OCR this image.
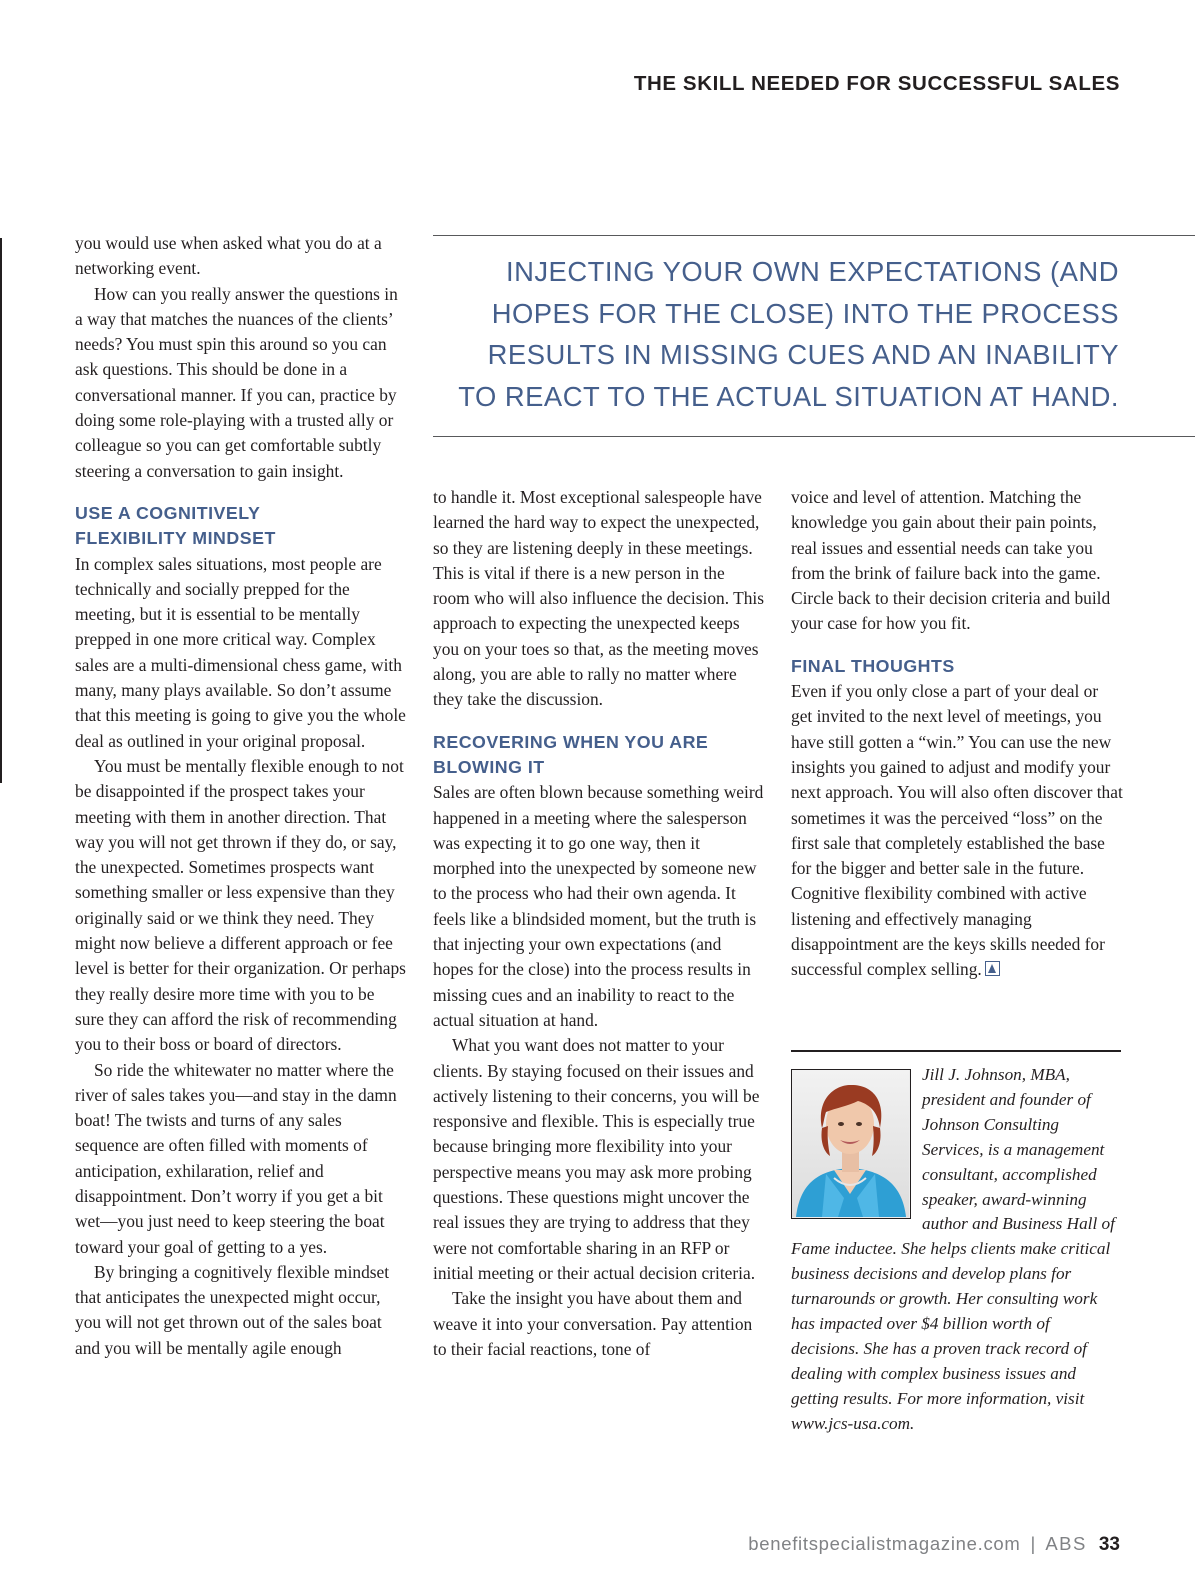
THE SKILL NEEDED FOR SUCCESSFUL SALES

you would use when asked what you do at a networking event.

How can you really answer the questions in a way that matches the nuances of the clients’ needs? You must spin this around so you can ask questions. This should be done in a conversational manner. If you can, practice by doing some role-playing with a trusted ally or colleague so you can get comfortable subtly steering a conversation to gain insight.

USE A COGNITIVELY
FLEXIBILITY MINDSET

In complex sales situations, most people are technically and socially prepped for the meeting, but it is essential to be mentally prepped in one more critical way. Complex sales are a multi-dimensional chess game, with many, many plays available. So don’t assume that this meeting is going to give you the whole deal as outlined in your original proposal.

You must be mentally flexible enough to not be disappointed if the prospect takes your meeting with them in another direction. That way you will not get thrown if they do, or say, the unexpected. Sometimes prospects want something smaller or less expensive than they originally said or we think they need. They might now believe a different approach or fee level is better for their organization. Or perhaps they really desire more time with you to be sure they can afford the risk of recommending you to their boss or board of directors.

So ride the whitewater no matter where the river of sales takes you—and stay in the damn boat! The twists and turns of any sales sequence are often filled with moments of anticipation, exhilaration, relief and disappointment. Don’t worry if you get a bit wet—you just need to keep steering the boat toward your goal of getting to a yes.

By bringing a cognitively flexible mindset that anticipates the unexpected might occur, you will not get thrown out of the sales boat and you will be mentally agile enough

INJECTING YOUR OWN EXPECTATIONS (AND
HOPES FOR THE CLOSE) INTO THE PROCESS
RESULTS IN MISSING CUES AND AN INABILITY
TO REACT TO THE ACTUAL SITUATION AT HAND.

to handle it. Most exceptional salespeople have learned the hard way to expect the unexpected, so they are listening deeply in these meetings. This is vital if there is a new person in the room who will also influence the decision. This approach to expecting the unexpected keeps you on your toes so that, as the meeting moves along, you are able to rally no matter where they take the discussion.

RECOVERING WHEN YOU ARE
BLOWING IT

Sales are often blown because something weird happened in a meeting where the salesperson was expecting it to go one way, then it morphed into the unexpected by someone new to the process who had their own agenda. It feels like a blindsided moment, but the truth is that injecting your own expectations (and hopes for the close) into the process results in missing cues and an inability to react to the actual situation at hand.

What you want does not matter to your clients. By staying focused on their issues and actively listening to their concerns, you will be responsive and flexible. This is especially true because bringing more flexibility into your perspective means you may ask more probing questions. These questions might uncover the real issues they are trying to address that they were not comfortable sharing in an RFP or initial meeting or their actual decision criteria.

Take the insight you have about them and weave it into your conversation. Pay attention to their facial reactions, tone of

voice and level of attention. Matching the knowledge you gain about their pain points, real issues and essential needs can take you from the brink of failure back into the game. Circle back to their decision criteria and build your case for how you fit.

FINAL THOUGHTS

Even if you only close a part of your deal or get invited to the next level of meetings, you have still gotten a “win.” You can use the new insights you gained to adjust and modify your next approach. You will also often discover that sometimes it was the perceived “loss” on the first sale that completely established the base for the bigger and better sale in the future. Cognitive flexibility combined with active listening and effectively managing disappointment are the keys skills needed for successful complex selling.

Jill J. Johnson, MBA,
president and founder of
Johnson Consulting
Services, is a management
consultant, accomplished
speaker, award-winning
author and Business Hall of
Fame inductee. She helps clients make critical
business decisions and develop plans for
turnarounds or growth. Her consulting work
has impacted over $4 billion worth of
decisions. She has a proven track record of
dealing with complex business issues and
getting results. For more information, visit
www.jcs-usa.com.
benefitspecialistmagazine.com | ABS 33
